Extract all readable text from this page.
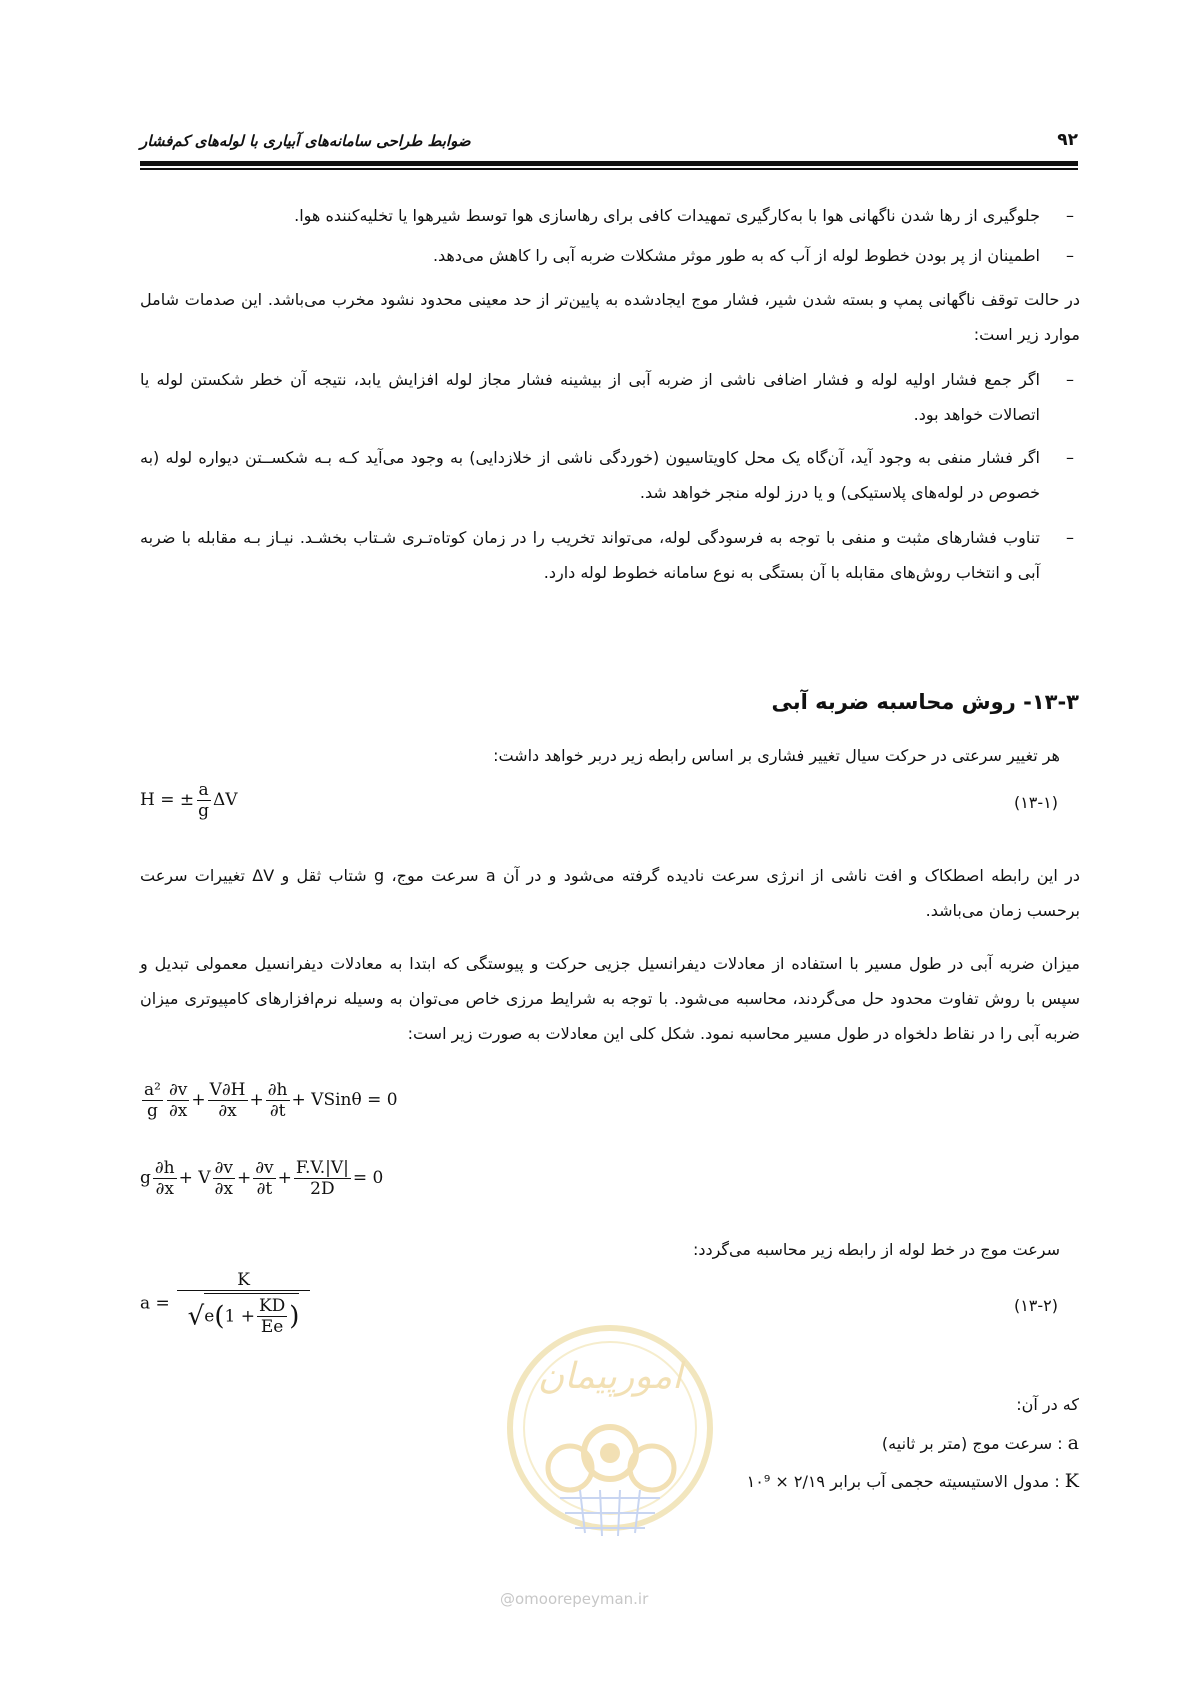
۹۲
ضوابط طراحی سامانه‌های آبیاری با لوله‌های کم‌فشار
–
جلوگیری از رها شدن ناگهانی هوا با به‌کارگیری تمهیدات کافی برای رهاسازی هوا توسط شیرهوا یا تخلیه‌کننده هوا.
–
اطمینان از پر بودن خطوط لوله از آب که به طور موثر مشکلات ضربه آبی را کاهش می‌دهد.
در حالت توقف ناگهانی پمپ و بسته شدن شیر، فشار موج ایجادشده به پایین‌تر از حد معینی محدود نشود مخرب می‌باشد. این صدمات شامل موارد زیر است:
–
اگر جمع فشار اولیه لوله و فشار اضافی ناشی از ضربه آبی از بیشینه فشار مجاز لوله افزایش یابد، نتیجه آن خطر شکستن لوله یا اتصالات خواهد بود.
–
اگر فشار منفی به وجود آید، آن‌گاه یک محل کاویتاسیون (خوردگی ناشی از خلازدایی) به وجود می‌آید کـه بـه شکســتن دیواره لوله (به خصوص در لوله‌های پلاستیکی) و یا درز لوله منجر خواهد شد.
–
تناوب فشارهای مثبت و منفی با توجه به فرسودگی لوله، می‌تواند تخریب را در زمان کوتاه‌تـری شـتاب بخشـد. نیـاز بـه مقابله با ضربه آبی و انتخاب روش‌های مقابله با آن بستگی به نوع سامانه خطوط لوله دارد.
۱۳-۳- روش محاسبه ضربه آبی
هر تغییر سرعتی در حرکت سیال تغییر فشاری بر اساس رابطه زیر دربر خواهد داشت:
H = ± $\frac{a}{g}$ ΔV	(۱۳-۱)
در این رابطه اصطکاک و افت ناشی از انرژی سرعت نادیده گرفته می‌شود و در آن a سرعت موج، g شتاب ثقل و ΔV تغییرات سرعت برحسب زمان می‌باشد.
میزان ضربه آبی در طول مسیر با استفاده از معادلات دیفرانسیل جزیی حرکت و پیوستگی که ابتدا به معادلات دیفرانسیل معمولی تبدیل و سپس با روش تفاوت محدود حل می‌گردند، محاسبه می‌شود. با توجه به شرایط مرزی خاص می‌توان به وسیله نرم‌افزارهای کامپیوتری میزان ضربه آبی را در نقاط دلخواه در طول مسیر محاسبه نمود. شکل کلی این معادلات به صورت زیر است:
$\frac{\text{a²}}{g} \frac{\partial v}{\partial x} + \frac{V\partial H}{\partial x} + \frac{\partial h}{\partial t}$ + VSinθ = 0
g $\frac{\partial h}{\partial x} + V \frac{\partial v}{\partial x} + \frac{\partial v}{\partial t} + \frac{F.V.|V|}{2D} = 0$
سرعت موج در خط لوله از رابطه زیر محاسبه می‌گردد:
$a = \frac{K}{√e(1 + \frac{KD}{Ee} )}$	(۱۳-۲)
امورپیمان
@omoorepeyman.ir
که در آن:
a : سرعت موج (متر بر ثانیه)
K : مدول الاستیسیته حجمی آب برابر ۲/۱۹ × ۱۰⁹
